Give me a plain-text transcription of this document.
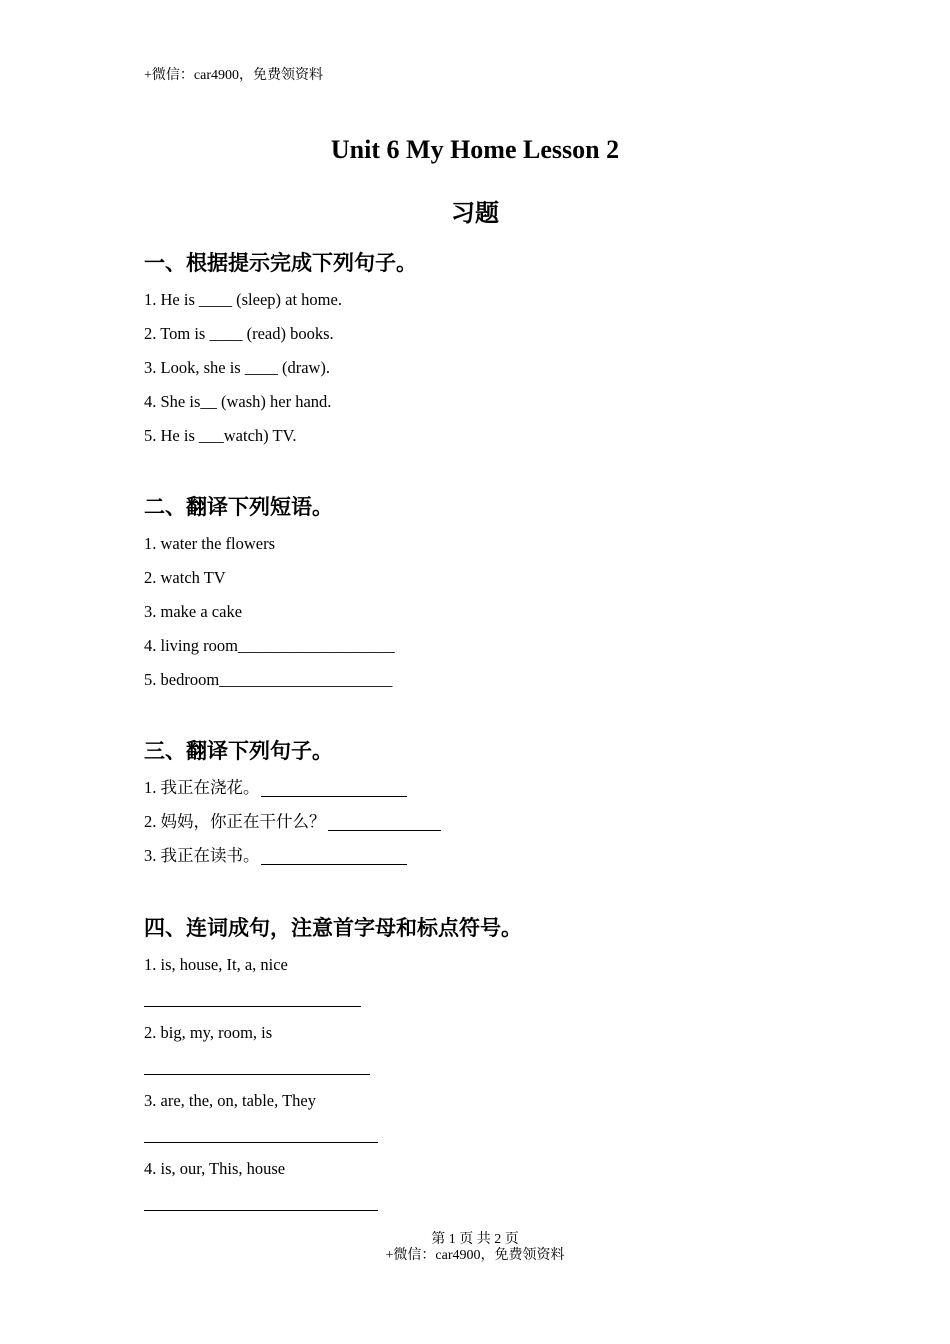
+微信：car4900，免费领资料
Unit 6 My Home Lesson 2
习题
一、根据提示完成下列句子。
1. He is ____ (sleep) at home.
2. Tom is ____ (read) books.
3. Look, she is ____ (draw).
4. She is__ (wash) her hand.
5. He is ___watch) TV.
二、翻译下列短语。
1. water the flowers
2. watch TV
3. make a cake
4. living room___________________
5. bedroom_____________________
三、翻译下列句子。
1. 我正在浇花。
2. 妈妈，你正在干什么？
3. 我正在读书。
四、连词成句，注意首字母和标点符号。
1. is, house, It, a, nice
2. big, my, room, is
3. are, the, on, table, They
4. is, our, This, house
第 1 页 共 2 页
+微信：car4900，免费领资料
